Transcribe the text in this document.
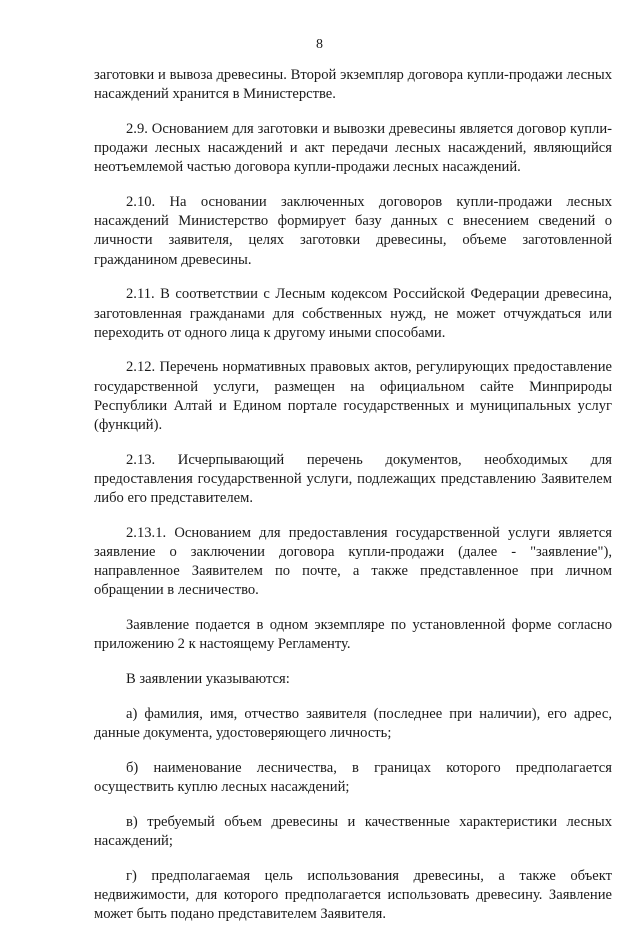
8

заготовки и вывоза древесины. Второй экземпляр договора купли-продажи лесных насаждений хранится в Министерстве.

2.9. Основанием для заготовки и вывозки древесины является договор купли-продажи лесных насаждений и акт передачи лесных насаждений, являющийся неотъемлемой частью договора купли-продажи лесных насаждений.

2.10. На основании заключенных договоров купли-продажи лесных насаждений Министерство формирует базу данных с внесением сведений о личности заявителя, целях заготовки древесины, объеме заготовленной гражданином древесины.

2.11. В соответствии с Лесным кодексом Российской Федерации древесина, заготовленная гражданами для собственных нужд, не может отчуждаться или переходить от одного лица к другому иными способами.

2.12. Перечень нормативных правовых актов, регулирующих предоставление государственной услуги, размещен на официальном сайте Минприроды Республики Алтай и Едином портале государственных и муниципальных услуг (функций).

2.13. Исчерпывающий перечень документов, необходимых для предоставления государственной услуги, подлежащих представлению Заявителем либо его представителем.

2.13.1. Основанием для предоставления государственной услуги является заявление о заключении договора купли-продажи (далее - "заявление"), направленное Заявителем по почте, а также представленное при личном обращении в лесничество.

Заявление подается в одном экземпляре по установленной форме согласно приложению 2 к настоящему Регламенту.

В заявлении указываются:

а) фамилия, имя, отчество заявителя (последнее при наличии), его адрес, данные документа, удостоверяющего личность;

б) наименование лесничества, в границах которого предполагается осуществить куплю лесных насаждений;

в) требуемый объем древесины и качественные характеристики лесных насаждений;

г) предполагаемая цель использования древесины, а также объект недвижимости, для которого предполагается использовать древесину. Заявление может быть подано представителем Заявителя.
